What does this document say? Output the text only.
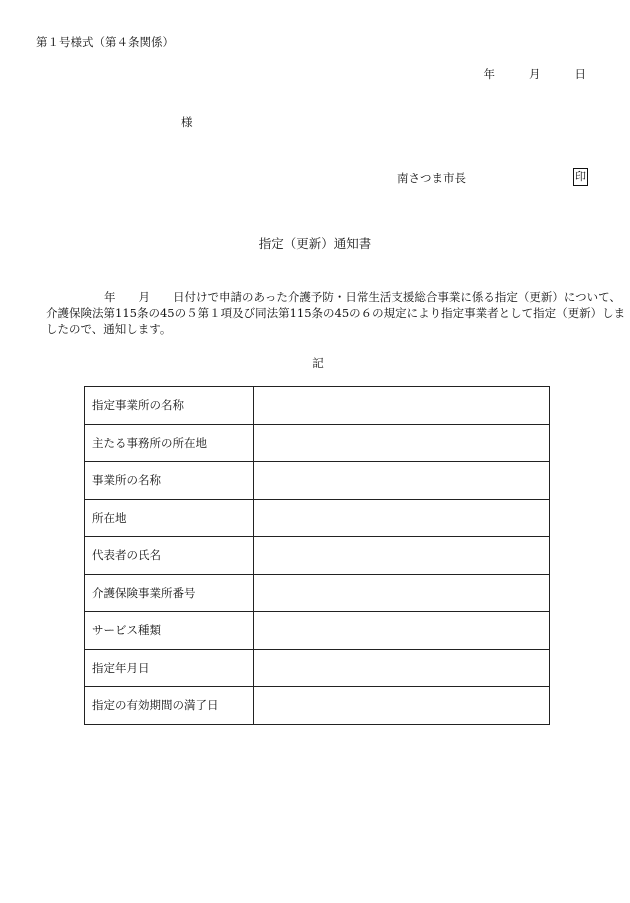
第１号様式（第４条関係）
年	月	日
様
南さつま市長	印
指定（更新）通知書
年　　月　　日付けで申請のあった介護予防・日常生活支援総合事業に係る指定（更新）について、
介護保険法第115条の45の５第１項及び同法第115条の45の６の規定により指定事業者として指定（更新）しま
したので、通知します。
記
指定事業所の名称	
主たる事務所の所在地	
事業所の名称	
所在地	
代表者の氏名	
介護保険事業所番号	
サービス種類	
指定年月日	
指定の有効期間の満了日	
